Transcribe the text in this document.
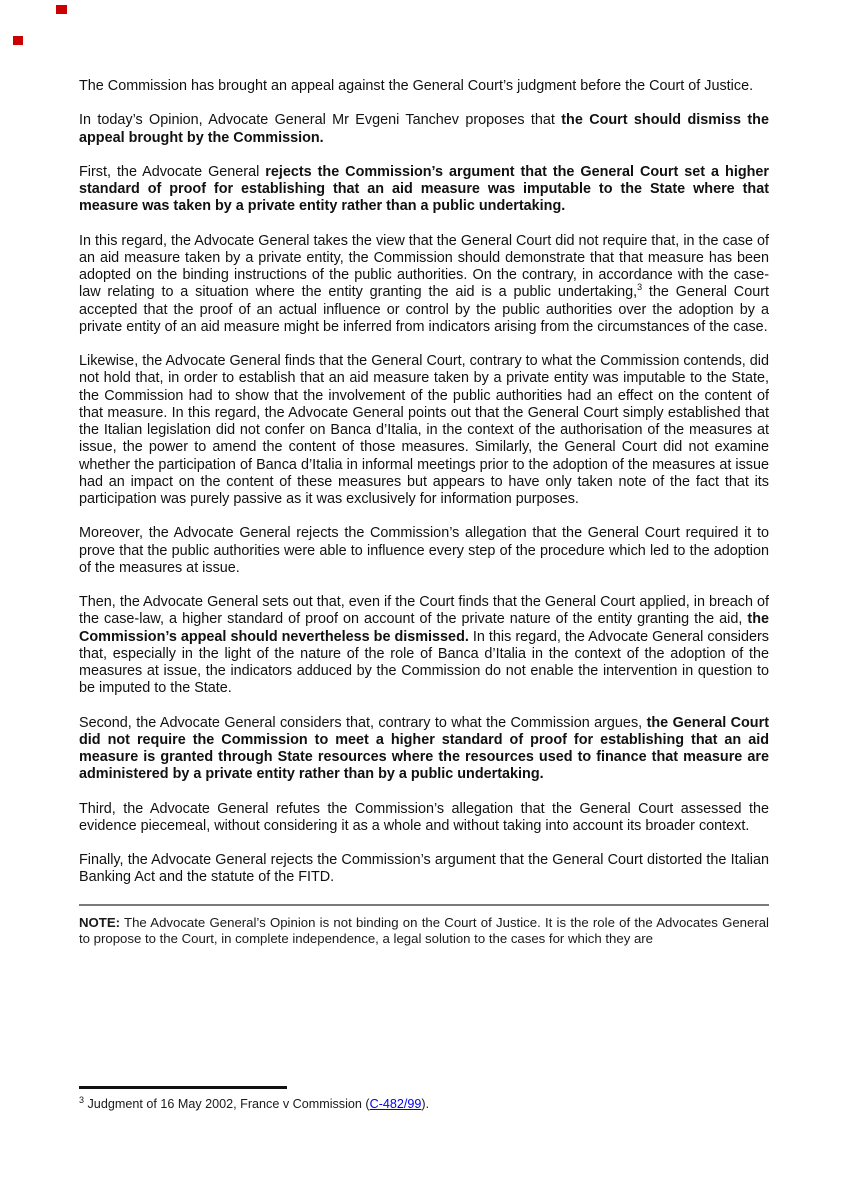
The Commission has brought an appeal against the General Court’s judgment before the Court of Justice.

In today’s Opinion, Advocate General Mr Evgeni Tanchev proposes that the Court should dismiss the appeal brought by the Commission.

First, the Advocate General rejects the Commission’s argument that the General Court set a higher standard of proof for establishing that an aid measure was imputable to the State where that measure was taken by a private entity rather than a public undertaking.

In this regard, the Advocate General takes the view that the General Court did not require that, in the case of an aid measure taken by a private entity, the Commission should demonstrate that that measure has been adopted on the binding instructions of the public authorities. On the contrary, in accordance with the case-law relating to a situation where the entity granting the aid is a public undertaking,$^3$ the General Court accepted that the proof of an actual influence or control by the public authorities over the adoption by a private entity of an aid measure might be inferred from indicators arising from the circumstances of the case.

Likewise, the Advocate General finds that the General Court, contrary to what the Commission contends, did not hold that, in order to establish that an aid measure taken by a private entity was imputable to the State, the Commission had to show that the involvement of the public authorities had an effect on the content of that measure. In this regard, the Advocate General points out that the General Court simply established that the Italian legislation did not confer on Banca d’Italia, in the context of the authorisation of the measures at issue, the power to amend the content of those measures. Similarly, the General Court did not examine whether the participation of Banca d’Italia in informal meetings prior to the adoption of the measures at issue had an impact on the content of these measures but appears to have only taken note of the fact that its participation was purely passive as it was exclusively for information purposes.

Moreover, the Advocate General rejects the Commission’s allegation that the General Court required it to prove that the public authorities were able to influence every step of the procedure which led to the adoption of the measures at issue.

Then, the Advocate General sets out that, even if the Court finds that the General Court applied, in breach of the case-law, a higher standard of proof on account of the private nature of the entity granting the aid, the Commission’s appeal should nevertheless be dismissed. In this regard, the Advocate General considers that, especially in the light of the nature of the role of Banca d’Italia in the context of the adoption of the measures at issue, the indicators adduced by the Commission do not enable the intervention in question to be imputed to the State.

Second, the Advocate General considers that, contrary to what the Commission argues, the General Court did not require the Commission to meet a higher standard of proof for establishing that an aid measure is granted through State resources where the resources used to finance that measure are administered by a private entity rather than by a public undertaking.

Third, the Advocate General refutes the Commission’s allegation that the General Court assessed the evidence piecemeal, without considering it as a whole and without taking into account its broader context.

Finally, the Advocate General rejects the Commission’s argument that the General Court distorted the Italian Banking Act and the statute of the FITD.

NOTE: The Advocate General’s Opinion is not binding on the Court of Justice. It is the role of the Advocates General to propose to the Court, in complete independence, a legal solution to the cases for which they are

$^3$ Judgment of 16 May 2002, France v Commission (C-482/99).
